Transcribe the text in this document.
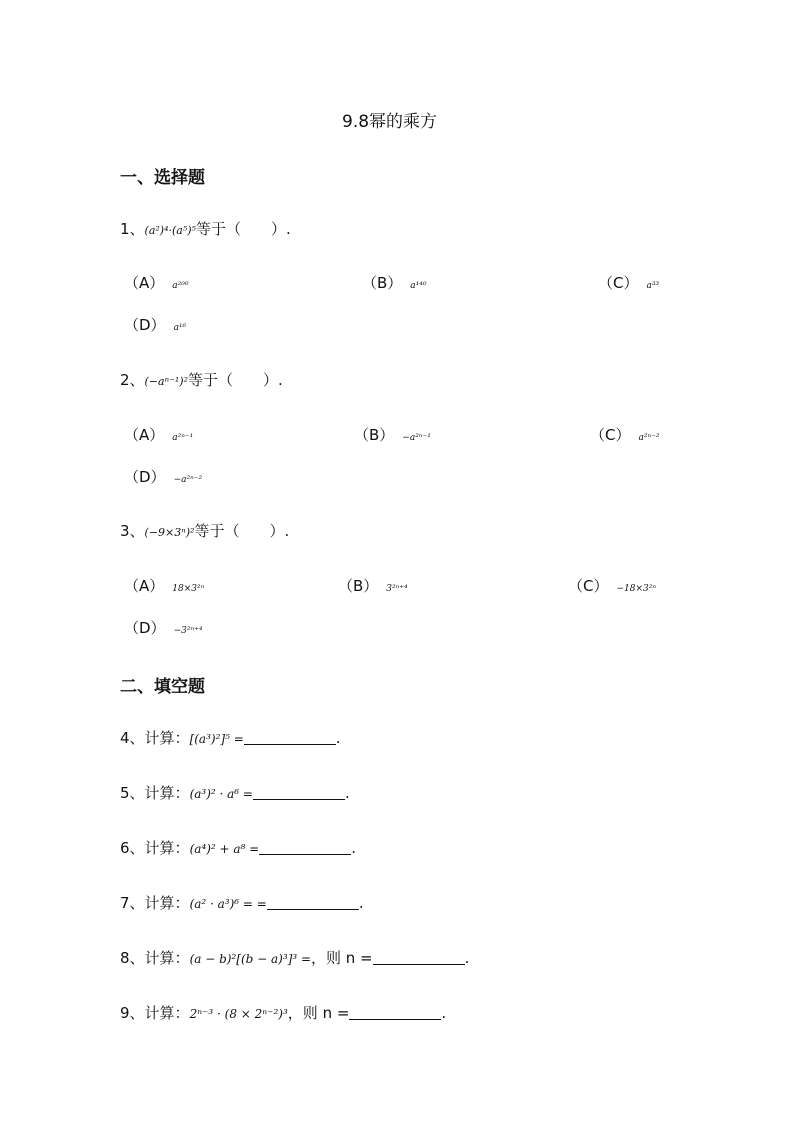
9.8幂的乘方
一、选择题
1、(a²)⁴·(a⁵)⁵等于（　　）.
（A） a²⁰⁰	（B） a¹⁴⁰	（C） a³³
（D） a¹⁶
2、(−aⁿ⁻¹)²等于（　　）.
（A） a²ⁿ⁻¹	（B） −a²ⁿ⁻¹	（C） a²ⁿ⁻²
（D） −a²ⁿ⁻²
3、(−9×3ⁿ)²等于（　　）.
（A） 18×3²ⁿ	（B） 3²ⁿ⁺⁴	（C） −18×3²ⁿ
（D） −3²ⁿ⁺⁴
二、填空题
4、计算：[(a³)²]⁵ =	.
5、计算：(a³)² · a⁶ =	.
6、计算：(a⁴)² + a⁸ =	.
7、计算：(a² · a³)⁶ = =	.
8、计算：(a − b)²[(b − a)³]³ =，则 n =	.
9、计算：2ⁿ⁻³ · (8 × 2ⁿ⁻²)³，则 n =	.
